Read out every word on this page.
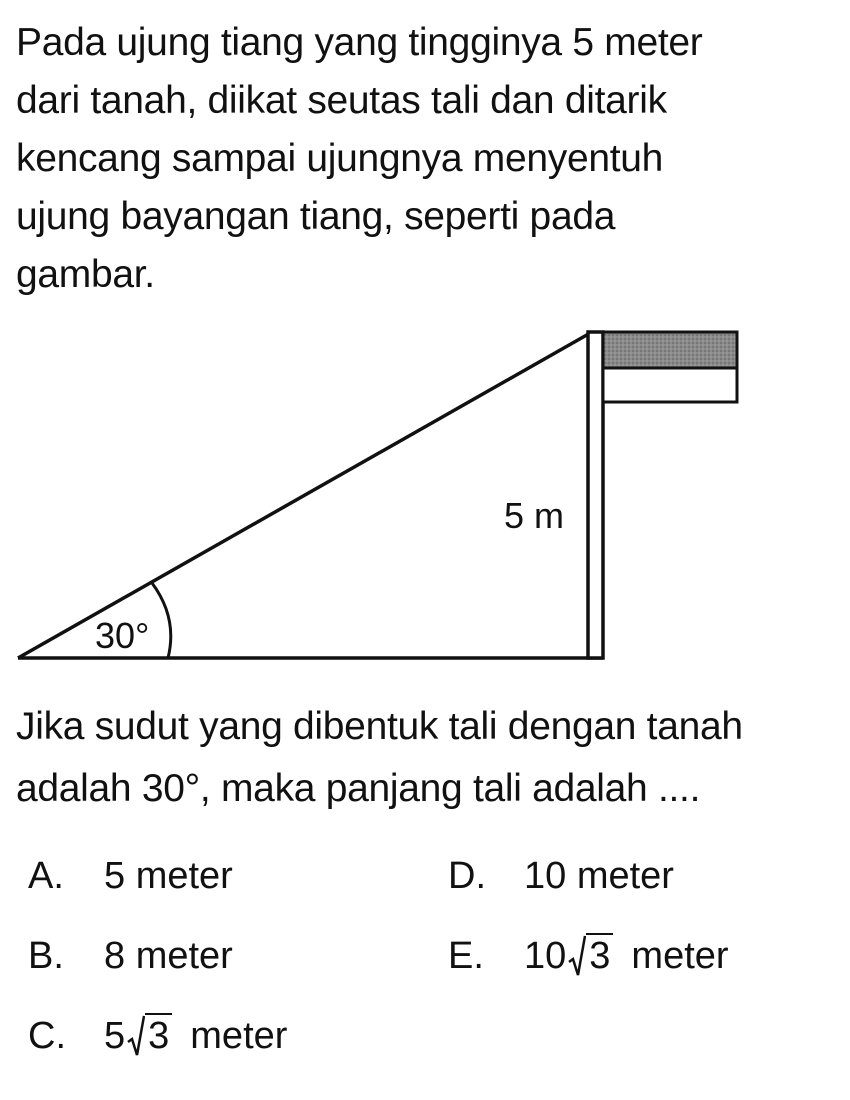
Pada ujung tiang yang tingginya 5 meter
dari tanah, diikat seutas tali dan ditarik
kencang sampai ujungnya menyentuh
ujung bayangan tiang, seperti pada
gambar.
30°
5 m
Jika sudut yang dibentuk tali dengan tanah
adalah 30°, maka panjang tali adalah ....
A. 5 meter
B. 8 meter
C. 5 3 meter
D. 10 meter
E. 10 3 meter
